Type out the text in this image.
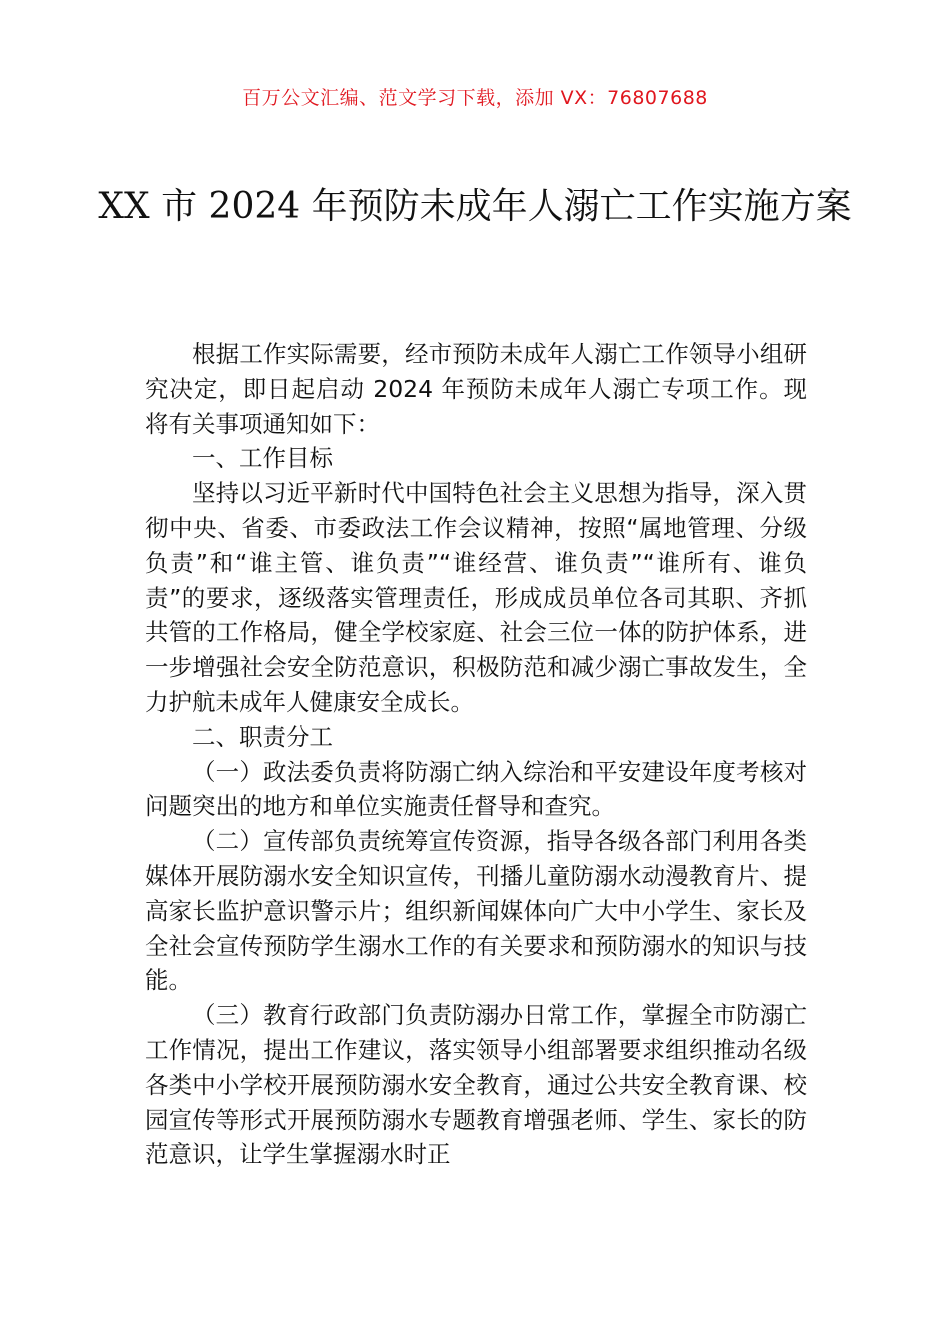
百万公文汇编、范文学习下载，添加 VX：76807688
XX 市 2024 年预防未成年人溺亡工作实施方案

根据工作实际需要，经市预防未成年人溺亡工作领导小组研究决定，即日起启动 2024 年预防未成年人溺亡专项工作。现将有关事项通知如下：

一、工作目标

坚持以习近平新时代中国特色社会主义思想为指导，深入贯彻中央、省委、市委政法工作会议精神，按照“属地管理、分级负责”和“谁主管、谁负责”“谁经营、谁负责”“谁所有、谁负责”的要求，逐级落实管理责任，形成成员单位各司其职、齐抓共管的工作格局，健全学校家庭、社会三位一体的防护体系，进一步增强社会安全防范意识，积极防范和减少溺亡事故发生，全力护航未成年人健康安全成长。

二、职责分工

（一）政法委负责将防溺亡纳入综治和平安建设年度考核对问题突出的地方和单位实施责任督导和查究。

（二）宣传部负责统筹宣传资源，指导各级各部门利用各类媒体开展防溺水安全知识宣传，刊播儿童防溺水动漫教育片、提高家长监护意识警示片；组织新闻媒体向广大中小学生、家长及全社会宣传预防学生溺水工作的有关要求和预防溺水的知识与技能。

（三）教育行政部门负责防溺办日常工作，掌握全市防溺亡工作情况，提出工作建议，落实领导小组部署要求组织推动名级各类中小学校开展预防溺水安全教育，通过公共安全教育课、校园宣传等形式开展预防溺水专题教育增强老师、学生、家长的防范意识，让学生掌握溺水时正
